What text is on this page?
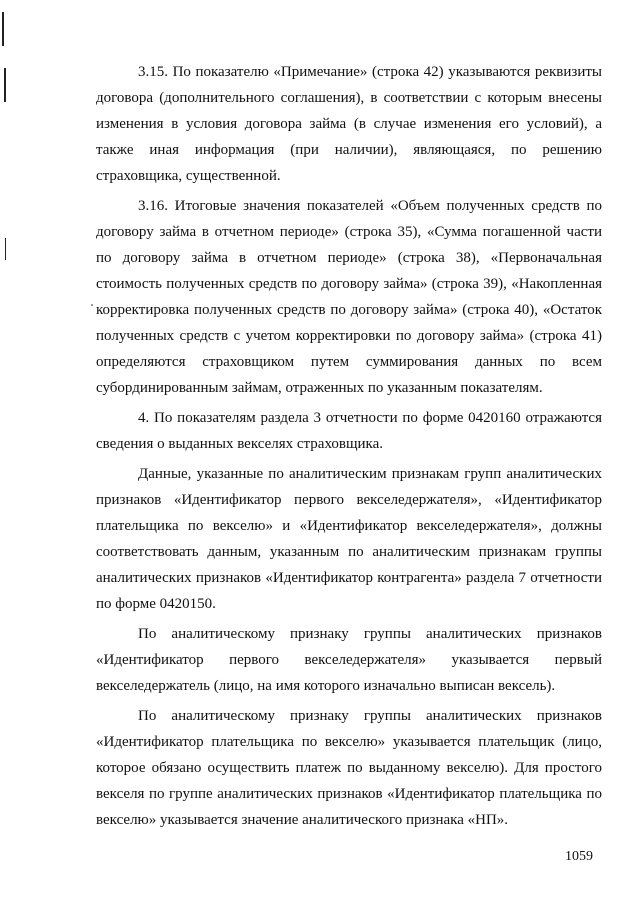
3.15. По показателю «Примечание» (строка 42) указываются реквизиты договора (дополнительного соглашения), в соответствии с которым внесены изменения в условия договора займа (в случае изменения его условий), а также иная информация (при наличии), являющаяся, по решению страховщика, существенной.

3.16. Итоговые значения показателей «Объем полученных средств по договору займа в отчетном периоде» (строка 35), «Сумма погашенной части по договору займа в отчетном периоде» (строка 38), «Первоначальная стоимость полученных средств по договору займа» (строка 39), «Накопленная корректировка полученных средств по договору займа» (строка 40), «Остаток полученных средств с учетом корректировки по договору займа» (строка 41) определяются страховщиком путем суммирования данных по всем субординированным займам, отраженных по указанным показателям.

4. По показателям раздела 3 отчетности по форме 0420160 отражаются сведения о выданных векселях страховщика.

Данные, указанные по аналитическим признакам групп аналитических признаков «Идентификатор первого векселедержателя», «Идентификатор плательщика по векселю» и «Идентификатор векселедержателя», должны соответствовать данным, указанным по аналитическим признакам группы аналитических признаков «Идентификатор контрагента» раздела 7 отчетности по форме 0420150.

По аналитическому признаку группы аналитических признаков «Идентификатор первого векселедержателя» указывается первый векселедержатель (лицо, на имя которого изначально выписан вексель).

По аналитическому признаку группы аналитических признаков «Идентификатор плательщика по векселю» указывается плательщик (лицо, которое обязано осуществить платеж по выданному векселю). Для простого векселя по группе аналитических признаков «Идентификатор плательщика по векселю» указывается значение аналитического признака «НП».

1059
